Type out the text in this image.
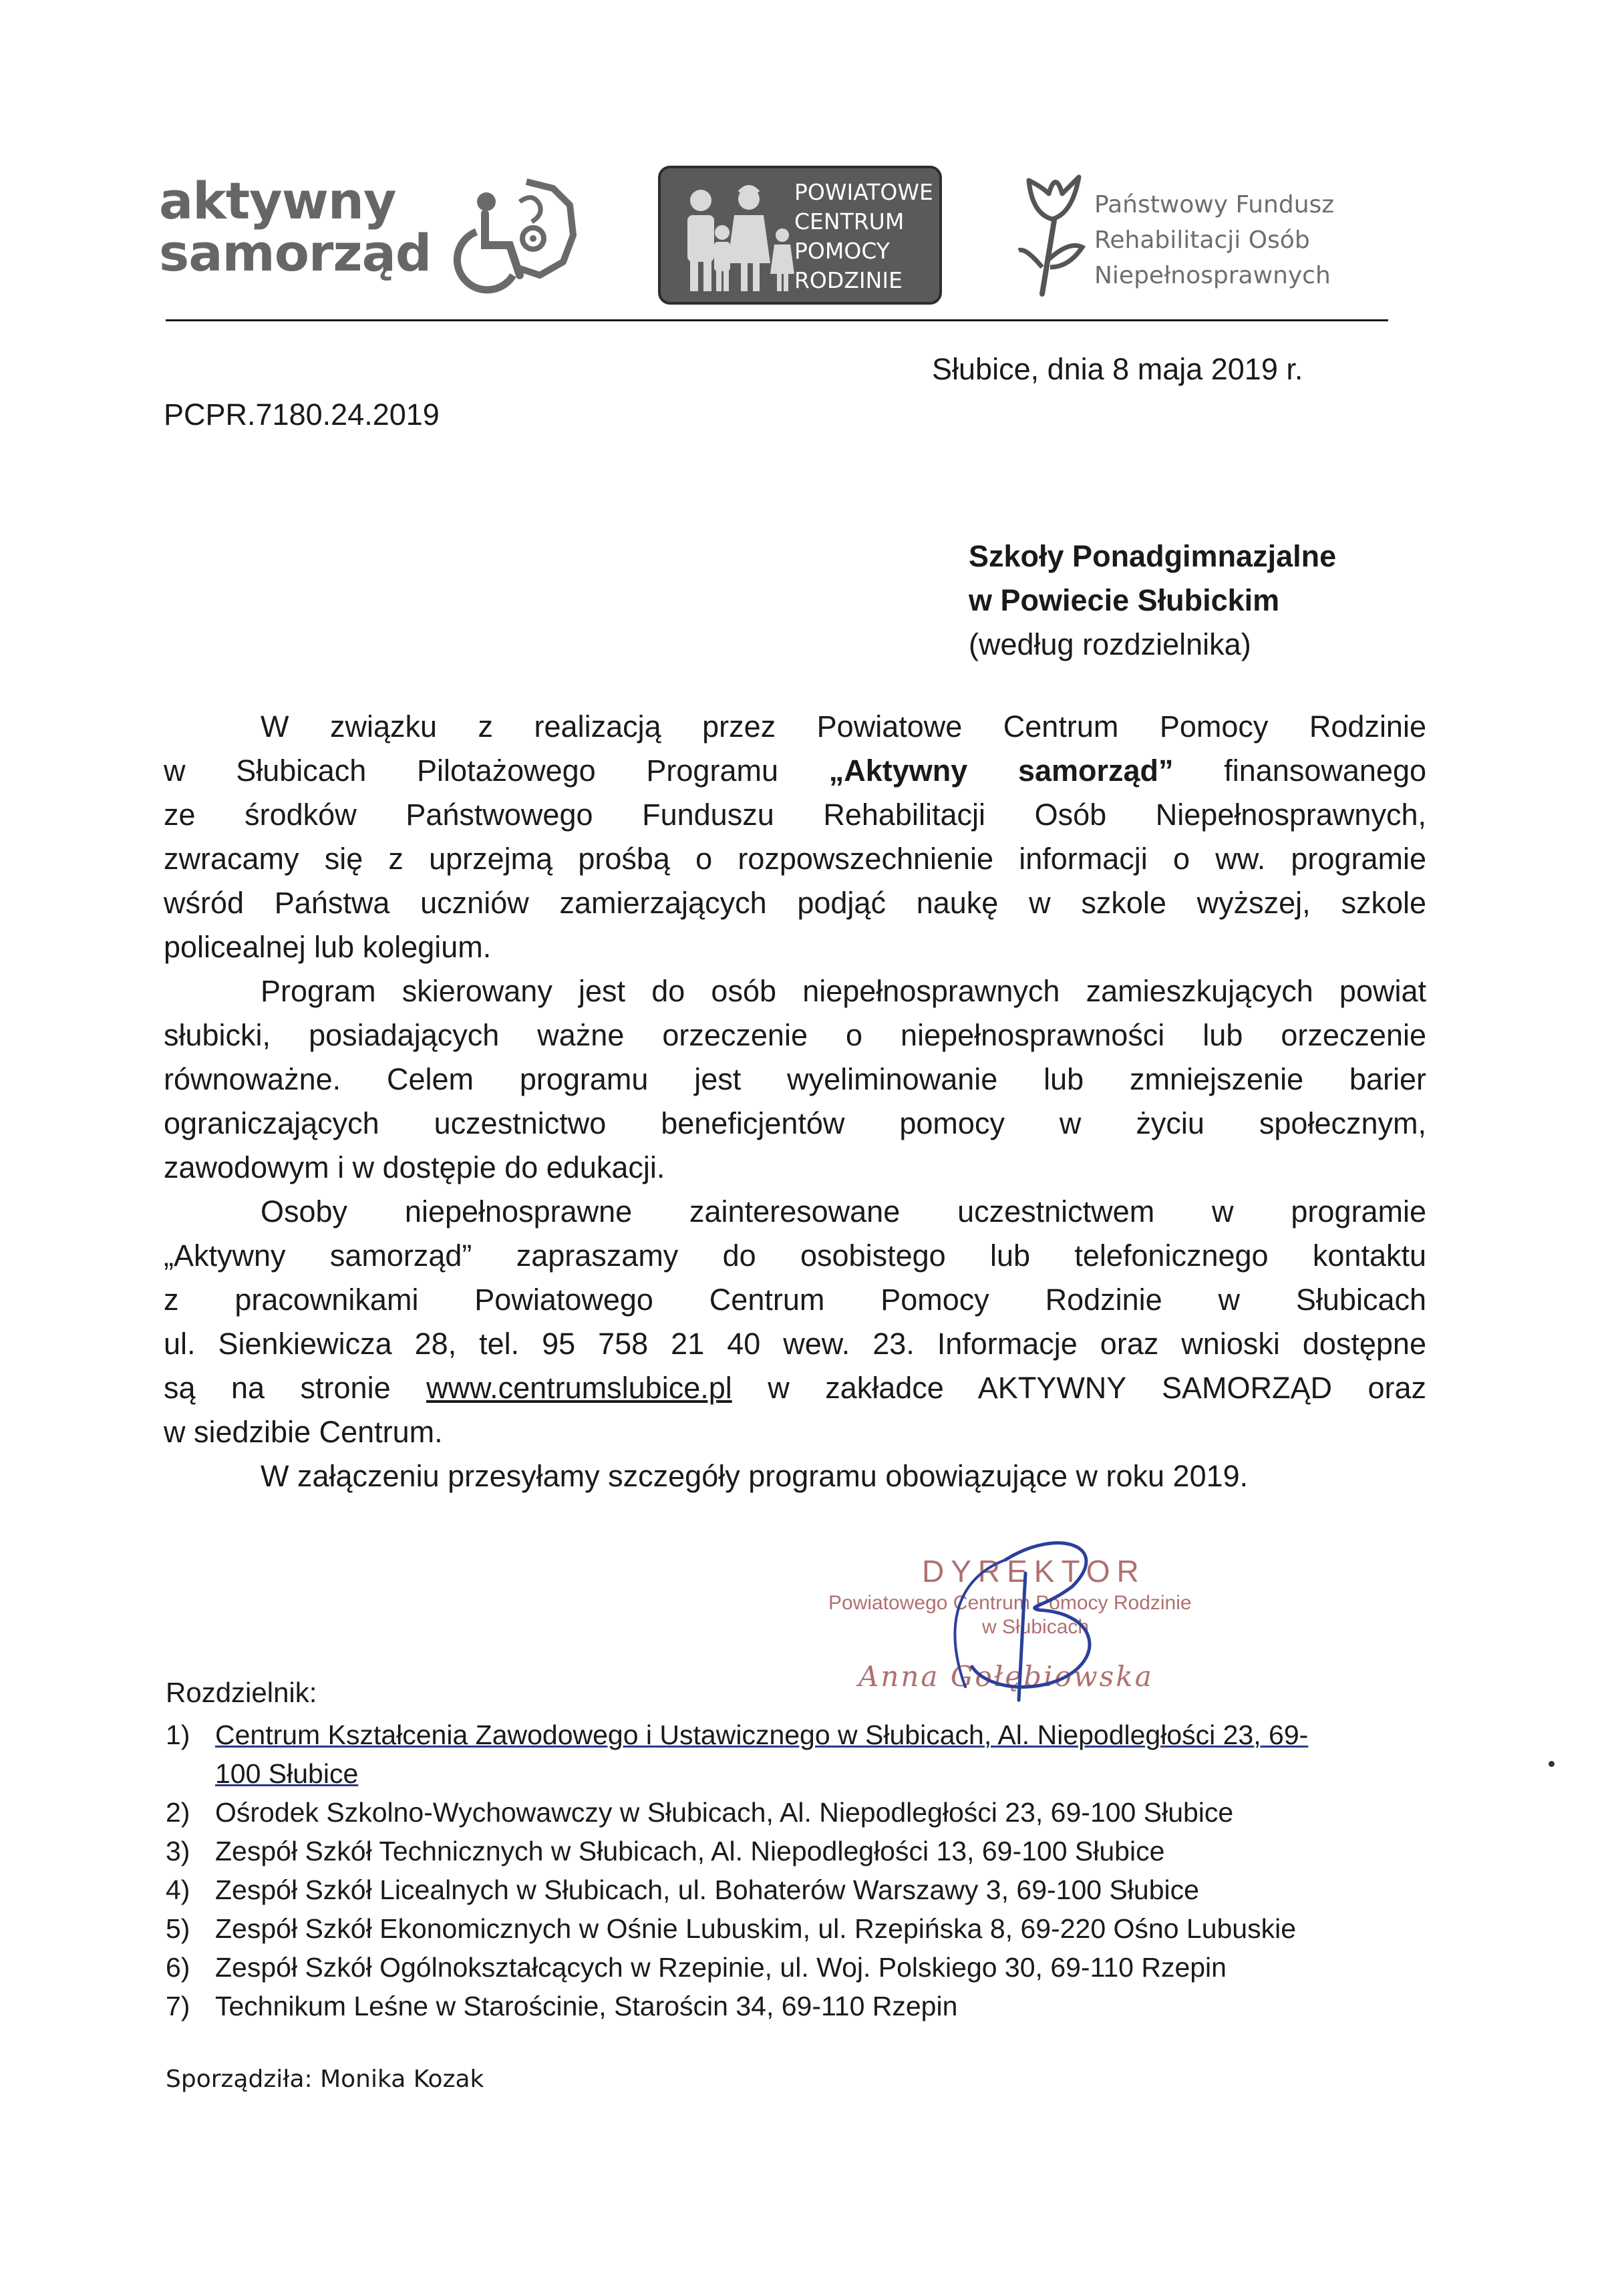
aktywny
samorząd
POWIATOWE
CENTRUM
POMOCY
RODZINIE
Państwowy Fundusz
Rehabilitacji Osób
Niepełnosprawnych
Słubice, dnia 8 maja 2019 r.
PCPR.7180.24.2019
Szkoły Ponadgimnazjalne
w Powiecie Słubickim
(według rozdzielnika)
W związku z realizacją przez Powiatowe Centrum Pomocy Rodzinie
w Słubicach Pilotażowego Programu „Aktywny samorząd” finansowanego
ze środków Państwowego Funduszu Rehabilitacji Osób Niepełnosprawnych,
zwracamy się z uprzejmą prośbą o rozpowszechnienie informacji o ww. programie
wśród Państwa uczniów zamierzających podjąć naukę w szkole wyższej, szkole
policealnej lub kolegium.
Program skierowany jest do osób niepełnosprawnych zamieszkujących powiat
słubicki, posiadających ważne orzeczenie o niepełnosprawności lub orzeczenie
równoważne. Celem programu jest wyeliminowanie lub zmniejszenie barier
ograniczających uczestnictwo beneficjentów pomocy w życiu społecznym,
zawodowym i w dostępie do edukacji.
Osoby niepełnosprawne zainteresowane uczestnictwem w programie
„Aktywny samorząd” zapraszamy do osobistego lub telefonicznego kontaktu
z pracownikami Powiatowego Centrum Pomocy Rodzinie w Słubicach
ul. Sienkiewicza 28, tel. 95 758 21 40 wew. 23. Informacje oraz wnioski dostępne
są na stronie www.centrumslubice.pl w zakładce AKTYWNY SAMORZĄD oraz
w siedzibie Centrum.
W załączeniu przesyłamy szczegóły programu obowiązujące w roku 2019.
DYREKTOR
Powiatowego Centrum Pomocy Rodzinie
w Słubicach
Anna Gołębiowska
Rozdzielnik:
1) Centrum Kształcenia Zawodowego i Ustawicznego w Słubicach, Al. Niepodległości 23, 69-
100 Słubice
2) Ośrodek Szkolno-Wychowawczy w Słubicach, Al. Niepodległości 23, 69-100 Słubice
3) Zespół Szkół Technicznych w Słubicach, Al. Niepodległości 13, 69-100 Słubice
4) Zespół Szkół Licealnych w Słubicach, ul. Bohaterów Warszawy 3, 69-100 Słubice
5) Zespół Szkół Ekonomicznych w Ośnie Lubuskim, ul. Rzepińska 8, 69-220 Ośno Lubuskie
6) Zespół Szkół Ogólnokształcących w Rzepinie, ul. Woj. Polskiego 30, 69-110 Rzepin
7) Technikum Leśne w Starościnie, Starościn 34, 69-110 Rzepin
Sporządziła: Monika Kozak
